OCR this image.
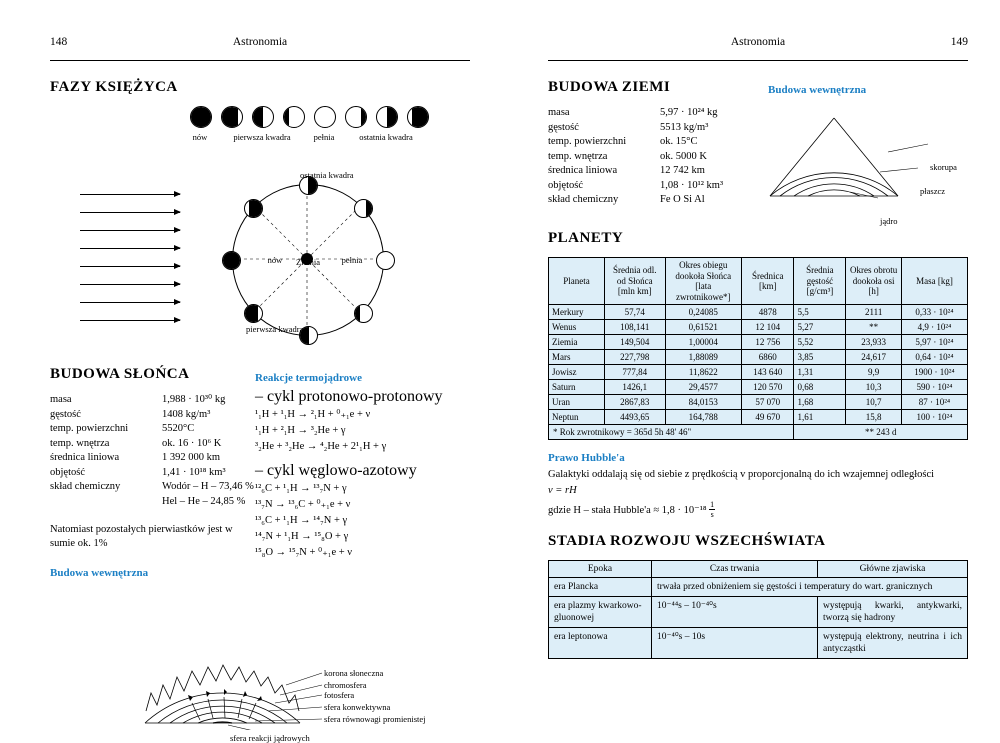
148	Astronomia
FAZY KSIĘŻYCA
nów	pierwsza kwadra	pełnia	ostatnia kwadra
Ziemia
ostatnia kwadra
nów	pełnia
pierwsza kwadra
BUDOWA SŁOŃCA
masa	1,988 · 10³⁰ kg
gęstość	1408 kg/m³
temp. powierzchni	5520°C
temp. wnętrza	ok. 16 · 10⁶ K
średnica liniowa	1 392 000 km
objętość	1,41 · 10¹⁸ km³
skład chemiczny	Wodór – H – 73,46 %
Hel – He – 24,85 %
Natomiast pozostałych pierwiastków jest w sumie ok. 1%
Reakcje termojądrowe
– cykl protonowo-protonowy
¹₁H + ¹₁H → ²₁H + ⁰₊₁e + ν
¹₁H + ²₁H → ³₂He + γ
³₂He + ³₂He → ⁴₂He + 2¹₁H + γ
– cykl węglowo-azotowy
¹²₆C + ¹₁H → ¹³₇N + γ
¹³₇N → ¹³₆C + ⁰₊₁e + ν
¹³₆C + ¹₁H → ¹⁴₇N + γ
¹⁴₇N + ¹₁H → ¹⁵₈O + γ
¹⁵₈O → ¹⁵₇N + ⁰₊₁e + ν
Budowa wewnętrzna
korona słoneczna
chromosfera
fotosfera
sfera konwektywna
sfera równowagi promienistej
sfera reakcji jądrowych
Astronomia	149
BUDOWA ZIEMI
masa	5,97 · 10²⁴ kg
gęstość	5513 kg/m³
temp. powierzchni	ok. 15°C
temp. wnętrza	ok. 5000 K
średnica liniowa	12 742 km
objętość	1,08 · 10¹² km³
skład chemiczny	Fe O Si Al
Budowa wewnętrzna
skorupa
płaszcz
jądro
PLANETY
Planeta	Średnia odl. od Słońca [mln km]	Okres obiegu dookoła Słońca [lata zwrotnikowe*]	Średnica [km]	Średnia gęstość [g/cm³]	Okres obrotu dookoła osi [h]	Masa [kg]
Merkury	57,74	0,24085	4878	5,5	2111	0,33 · 10²⁴
Wenus	108,141	0,61521	12 104	5,27	**	4,9 · 10²⁴
Ziemia	149,504	1,00004	12 756	5,52	23,933	5,97 · 10²⁴
Mars	227,798	1,88089	6860	3,85	24,617	0,64 · 10²⁴
Jowisz	777,84	11,8622	143 640	1,31	9,9	1900 · 10²⁴
Saturn	1426,1	29,4577	120 570	0,68	10,3	590 · 10²⁴
Uran	2867,83	84,0153	57 070	1,68	10,7	87 · 10²⁴
Neptun	4493,65	164,788	49 670	1,61	15,8	100 · 10²⁴
* Rok zwrotnikowy = 365d 5h 48' 46"				** 243 d		
Prawo Hubble'a
Galaktyki oddalają się od siebie z prędkością v proporcjonalną do ich wzajemnej odległości
v = rH
gdzie H – stała Hubble'a ≈ $1,8 \cdot 10^{-18} \frac{1}{s}$
STADIA ROZWOJU WSZECHŚWIATA
Epoka	Czas trwania	Główne zjawiska
era Plancka	trwała przed obniżeniem się gęstości i temperatury do wart. granicznych	
era plazmy kwarkowo-gluonowej	10⁻⁴⁴s – 10⁻⁴⁰s	występują kwarki, antykwarki, tworzą się hadrony
era leptonowa	10⁻⁴⁰s – 10s	występują elektrony, neutrina i ich antycząstki
